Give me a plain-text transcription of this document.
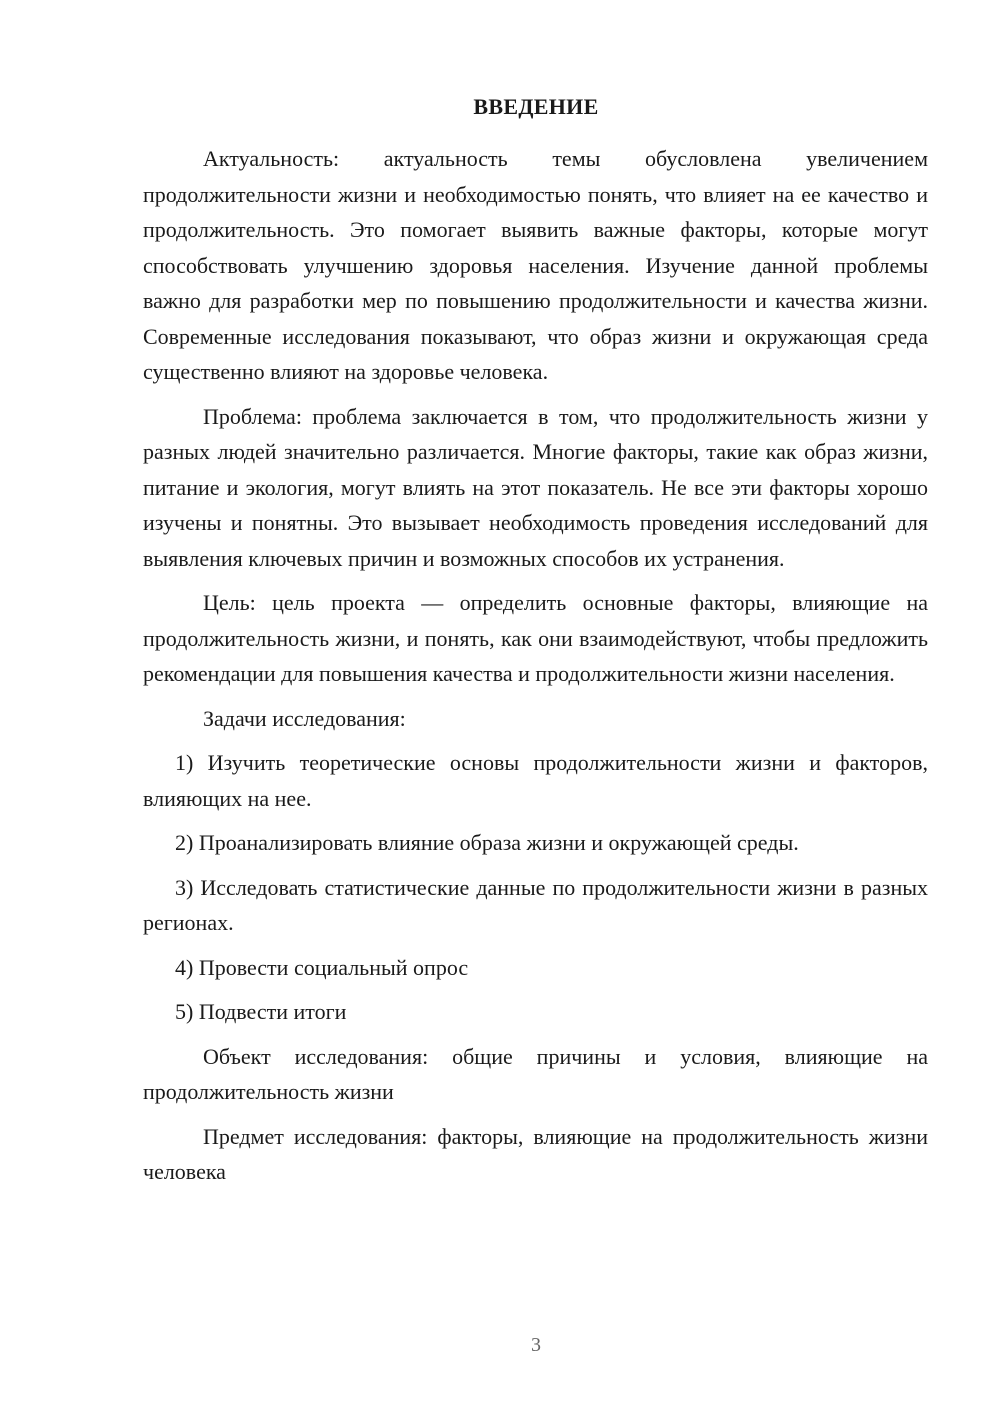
ВВЕДЕНИЕ

Актуальность: актуальность темы обусловлена увеличением продолжительности жизни и необходимостью понять, что влияет на ее качество и продолжительность. Это помогает выявить важные факторы, которые могут способствовать улучшению здоровья населения. Изучение данной проблемы важно для разработки мер по повышению продолжительности и качества жизни. Современные исследования показывают, что образ жизни и окружающая среда существенно влияют на здоровье человека.

Проблема: проблема заключается в том, что продолжительность жизни у разных людей значительно различается. Многие факторы, такие как образ жизни, питание и экология, могут влиять на этот показатель. Не все эти факторы хорошо изучены и понятны. Это вызывает необходимость проведения исследований для выявления ключевых причин и возможных способов их устранения.

Цель: цель проекта — определить основные факторы, влияющие на продолжительность жизни, и понять, как они взаимодействуют, чтобы предложить рекомендации для повышения качества и продолжительности жизни населения.

Задачи исследования:

1) Изучить теоретические основы продолжительности жизни и факторов, влияющих на нее.

2) Проанализировать влияние образа жизни и окружающей среды.

3) Исследовать статистические данные по продолжительности жизни в разных регионах.

4) Провести социальный опрос

5) Подвести итоги

Объект исследования: общие причины и условия, влияющие на продолжительность жизни

Предмет исследования: факторы, влияющие на продолжительность жизни человека

3
